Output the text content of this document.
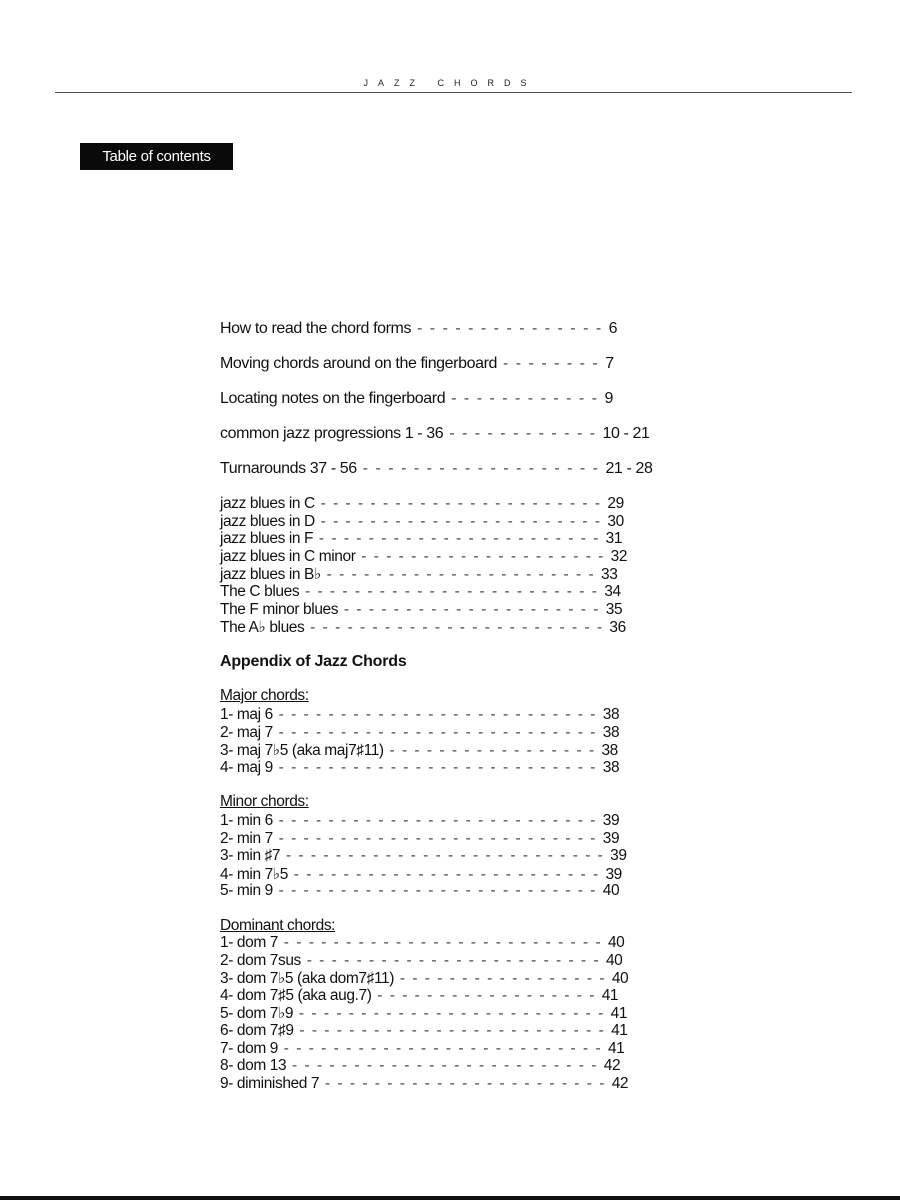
JAZZ CHORDS
Table of contents
How to read the chord forms - - - - - - - - - - - - - - - 6
Moving chords around on the fingerboard - - - - - - - - 7
Locating notes on the fingerboard - - - - - - - - - - - - 9
common jazz progressions 1 - 36 - - - - - - - - - - - - 10 - 21
Turnarounds 37 - 56 - - - - - - - - - - - - - - - - - - - 21 - 28
jazz blues in C - - - - - - - - - - - - - - - - - - - - - - - 29
jazz blues in D - - - - - - - - - - - - - - - - - - - - - - - 30
jazz blues in F - - - - - - - - - - - - - - - - - - - - - - - 31
jazz blues in C minor - - - - - - - - - - - - - - - - - - - - 32
jazz blues in B♭ - - - - - - - - - - - - - - - - - - - - - - 33
The C blues - - - - - - - - - - - - - - - - - - - - - - - - 34
The F minor blues - - - - - - - - - - - - - - - - - - - - - 35
The A♭ blues - - - - - - - - - - - - - - - - - - - - - - - - 36
Appendix of Jazz Chords
Major chords:
1- maj 6 - - - - - - - - - - - - - - - - - - - - - - - - - - 38
2- maj 7 - - - - - - - - - - - - - - - - - - - - - - - - - - 38
3- maj 7♭5 (aka maj7♯11) - - - - - - - - - - - - - - - - - 38
4- maj 9 - - - - - - - - - - - - - - - - - - - - - - - - - - 38
Minor chords:
1- min 6 - - - - - - - - - - - - - - - - - - - - - - - - - - 39
2- min 7 - - - - - - - - - - - - - - - - - - - - - - - - - - 39
3- min ♯7 - - - - - - - - - - - - - - - - - - - - - - - - - - 39
4- min 7♭5 - - - - - - - - - - - - - - - - - - - - - - - - - 39
5- min 9 - - - - - - - - - - - - - - - - - - - - - - - - - - 40
Dominant chords:
1- dom 7 - - - - - - - - - - - - - - - - - - - - - - - - - - 40
2- dom 7sus - - - - - - - - - - - - - - - - - - - - - - - - 40
3- dom 7♭5 (aka dom7♯11) - - - - - - - - - - - - - - - - - 40
4- dom 7♯5 (aka aug.7) - - - - - - - - - - - - - - - - - - 41
5- dom 7♭9 - - - - - - - - - - - - - - - - - - - - - - - - - 41
6- dom 7♯9 - - - - - - - - - - - - - - - - - - - - - - - - - 41
7- dom 9 - - - - - - - - - - - - - - - - - - - - - - - - - - 41
8- dom 13 - - - - - - - - - - - - - - - - - - - - - - - - - 42
9- diminished 7 - - - - - - - - - - - - - - - - - - - - - - - 42
